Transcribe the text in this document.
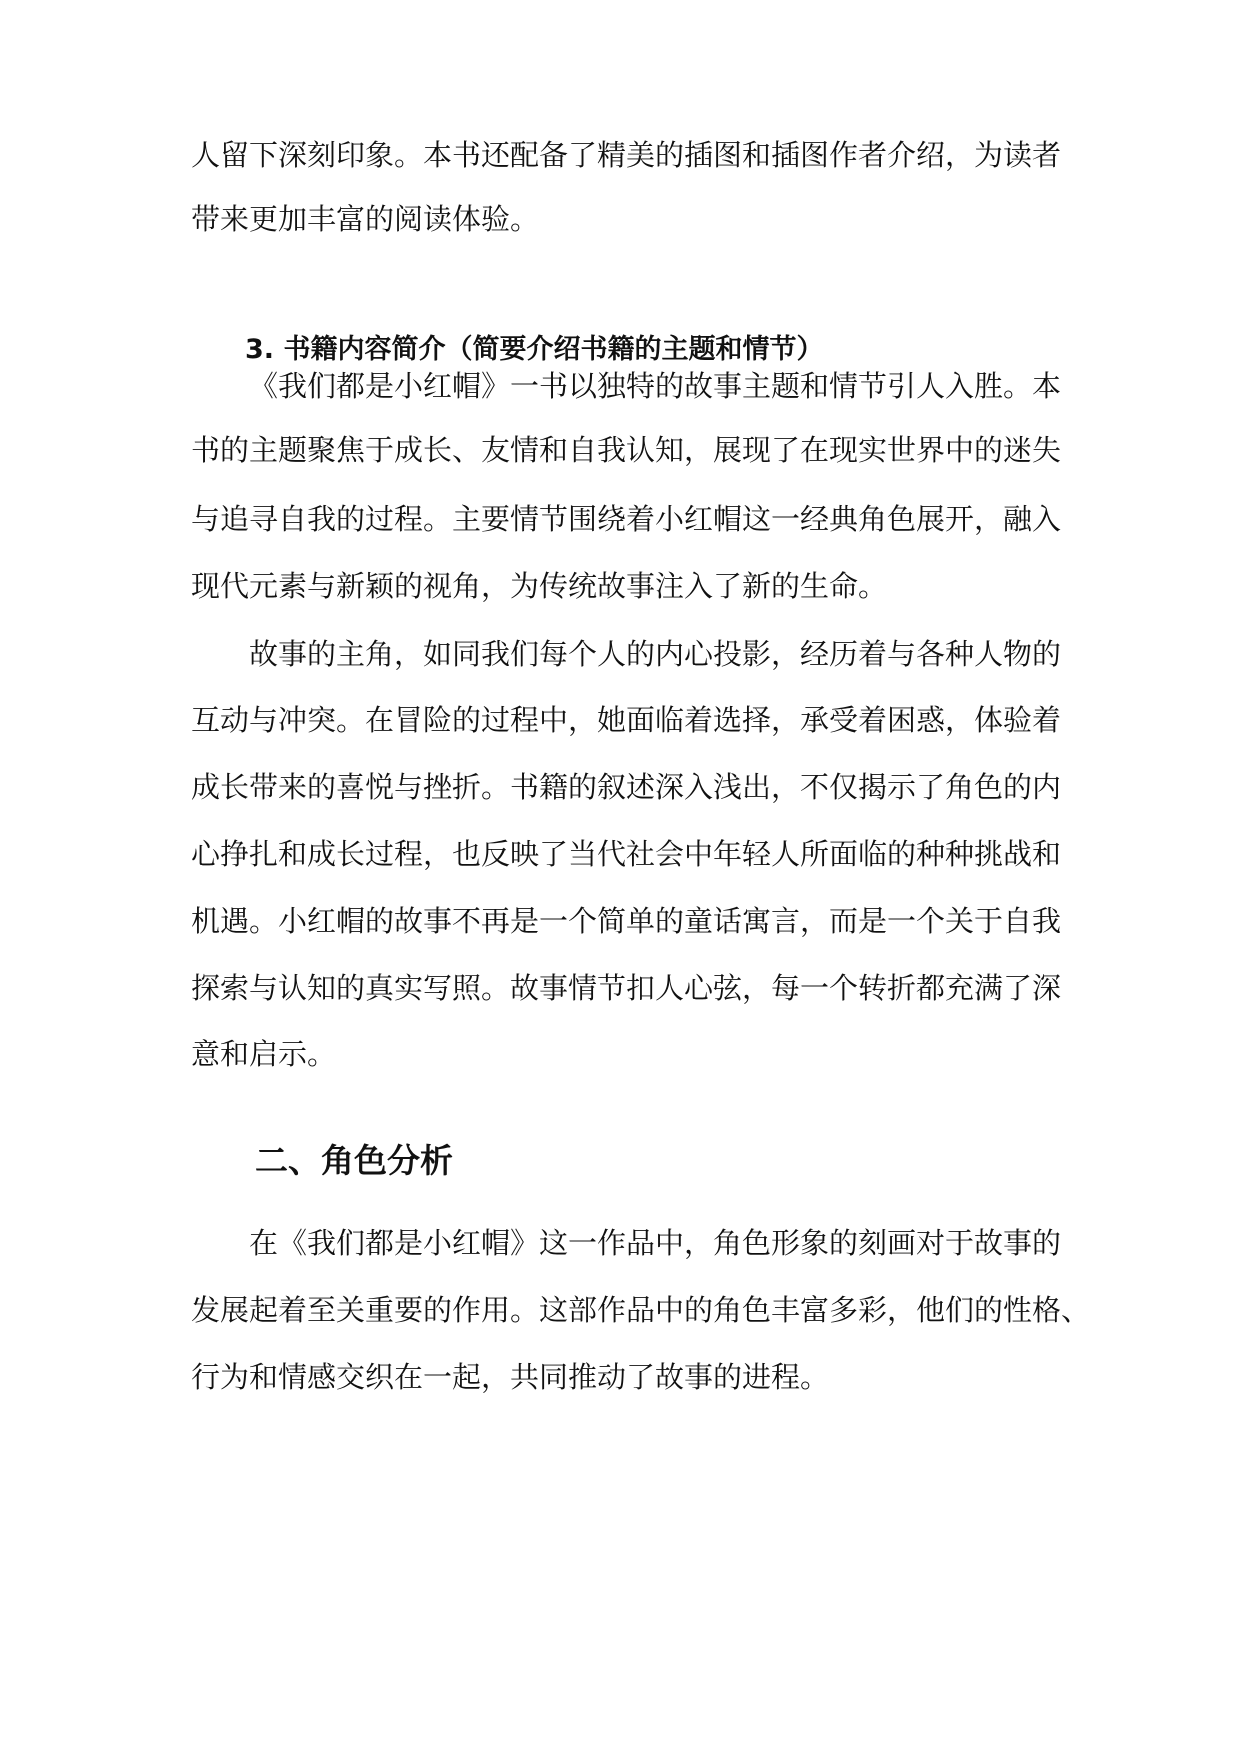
人留下深刻印象。本书还配备了精美的插图和插图作者介绍，为读者

带来更加丰富的阅读体验。

3. 书籍内容简介（简要介绍书籍的主题和情节）

《我们都是小红帽》一书以独特的故事主题和情节引人入胜。本

书的主题聚焦于成长、友情和自我认知，展现了在现实世界中的迷失

与追寻自我的过程。主要情节围绕着小红帽这一经典角色展开，融入

现代元素与新颖的视角，为传统故事注入了新的生命。

故事的主角，如同我们每个人的内心投影，经历着与各种人物的

互动与冲突。在冒险的过程中，她面临着选择，承受着困惑，体验着

成长带来的喜悦与挫折。书籍的叙述深入浅出，不仅揭示了角色的内

心挣扎和成长过程，也反映了当代社会中年轻人所面临的种种挑战和

机遇。小红帽的故事不再是一个简单的童话寓言，而是一个关于自我

探索与认知的真实写照。故事情节扣人心弦，每一个转折都充满了深

意和启示。

二、角色分析

在《我们都是小红帽》这一作品中，角色形象的刻画对于故事的

发展起着至关重要的作用。这部作品中的角色丰富多彩，他们的性格、

行为和情感交织在一起，共同推动了故事的进程。
